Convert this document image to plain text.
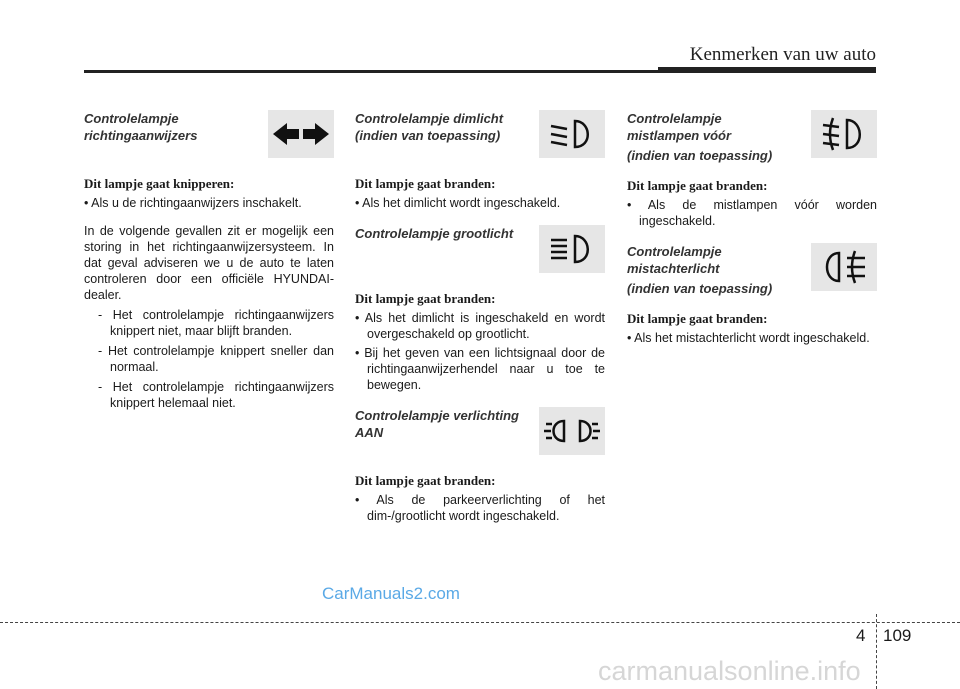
Kenmerken van uw auto
Controlelampje richtingaanwijzers
Dit lampje gaat knipperen:
• Als u de richtingaanwijzers inschakelt.
In de volgende gevallen zit er mogelijk een storing in het richtingaanwijzersysteem. In dat geval adviseren we u de auto te laten controleren door een officiële HYUNDAI-dealer.
- Het controlelampje richtingaanwijzers knippert niet, maar blijft branden.
- Het controlelampje knippert sneller dan normaal.
- Het controlelampje richtingaanwijzers knippert helemaal niet.
Controlelampje dimlicht (indien van toepassing)
Dit lampje gaat branden:
• Als het dimlicht wordt ingeschakeld.
Controlelampje grootlicht
Dit lampje gaat branden:
• Als het dimlicht is ingeschakeld en wordt overgeschakeld op grootlicht.
• Bij het geven van een lichtsignaal door de richtingaanwijzerhendel naar u toe te bewegen.
Controlelampje verlichting AAN
Dit lampje gaat branden:
• Als de parkeerverlichting of het dim-/grootlicht wordt ingeschakeld.
Controlelampje mistlampen vóór
(indien van toepassing)
Dit lampje gaat branden:
• Als de mistlampen vóór worden ingeschakeld.
Controlelampje mistachterlicht
(indien van toepassing)
Dit lampje gaat branden:
• Als het mistachterlicht wordt ingeschakeld.
CarManuals2.com
4 109
carmanualsonline.info
